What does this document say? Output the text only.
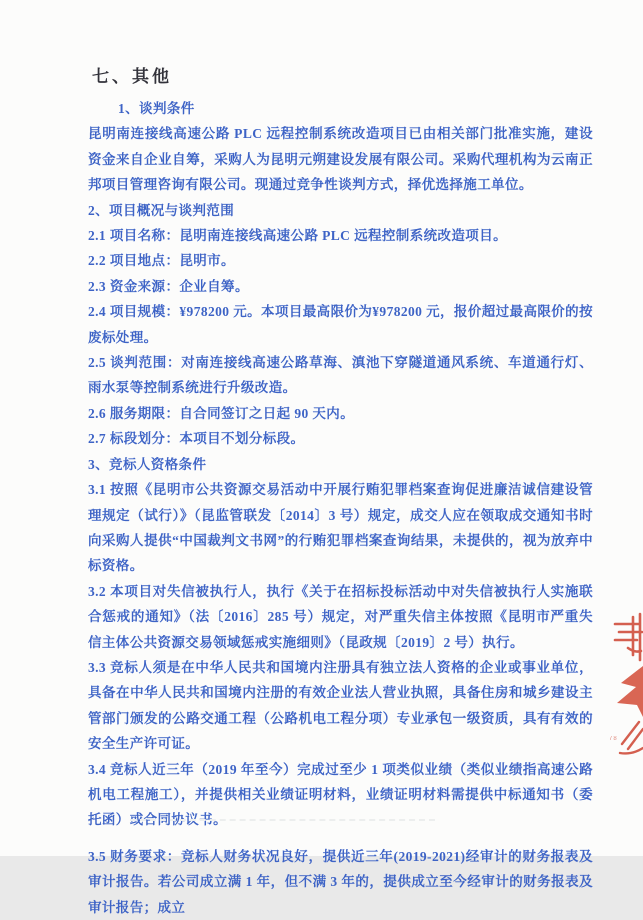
七、其他

1、谈判条件

昆明南连接线高速公路 PLC 远程控制系统改造项目已由相关部门批准实施，建设资金来自企业自筹，采购人为昆明元朔建设发展有限公司。采购代理机构为云南正邦项目管理咨询有限公司。现通过竞争性谈判方式，择优选择施工单位。

2、项目概况与谈判范围

2.1 项目名称：昆明南连接线高速公路 PLC 远程控制系统改造项目。

2.2 项目地点：昆明市。

2.3 资金来源：企业自筹。

2.4 项目规模：¥978200 元。本项目最高限价为¥978200 元，报价超过最高限价的按废标处理。

2.5 谈判范围：对南连接线高速公路草海、滇池下穿隧道通风系统、车道通行灯、雨水泵等控制系统进行升级改造。

2.6 服务期限：自合同签订之日起 90 天内。

2.7 标段划分：本项目不划分标段。

3、竞标人资格条件

3.1 按照《昆明市公共资源交易活动中开展行贿犯罪档案查询促进廉洁诚信建设管理规定（试行）》（昆监管联发〔2014〕3 号）规定，成交人应在领取成交通知书时向采购人提供“中国裁判文书网”的行贿犯罪档案查询结果，未提供的，视为放弃中标资格。

3.2 本项目对失信被执行人，执行《关于在招标投标活动中对失信被执行人实施联合惩戒的通知》（法〔2016〕285 号）规定，对严重失信主体按照《昆明市严重失信主体公共资源交易领域惩戒实施细则》（昆政规〔2019〕2 号）执行。

3.3 竞标人须是在中华人民共和国境内注册具有独立法人资格的企业或事业单位，具备在中华人民共和国境内注册的有效企业法人营业执照，具备住房和城乡建设主管部门颁发的公路交通工程（公路机电工程分项）专业承包一级资质，具有有效的安全生产许可证。

3.4 竞标人近三年（2019 年至今）完成过至少 1 项类似业绩（类似业绩指高速公路机电工程施工），并提供相关业绩证明材料，业绩证明材料需提供中标通知书（委托函）或合同协议书。

3.5 财务要求：竞标人财务状况良好，提供近三年(2019-2021)经审计的财务报表及审计报告。若公司成立满 1 年，但不满 3 年的，提供成立至今经审计的财务报表及审计报告；成立

78
